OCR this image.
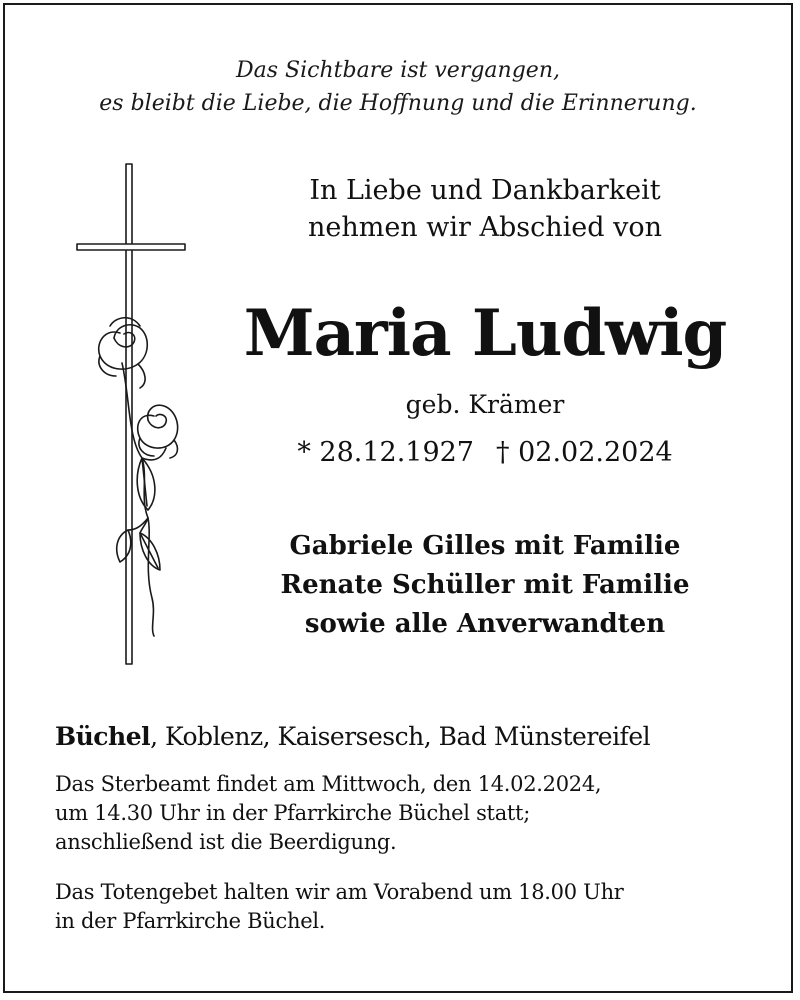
Das Sichtbare ist vergangen,
es bleibt die Liebe, die Hoffnung und die Erinnerung.
In Liebe und Dankbarkeit
nehmen wir Abschied von
Maria Ludwig
geb. Krämer
* 28.12.1927 † 02.02.2024
Gabriele Gilles mit Familie
Renate Schüller mit Familie
sowie alle Anverwandten
Büchel, Koblenz, Kaisersesch, Bad Münstereifel
Das Sterbeamt findet am Mittwoch, den 14.02.2024,
um 14.30 Uhr in der Pfarrkirche Büchel statt;
anschließend ist die Beerdigung.
Das Totengebet halten wir am Vorabend um 18.00 Uhr
in der Pfarrkirche Büchel.
